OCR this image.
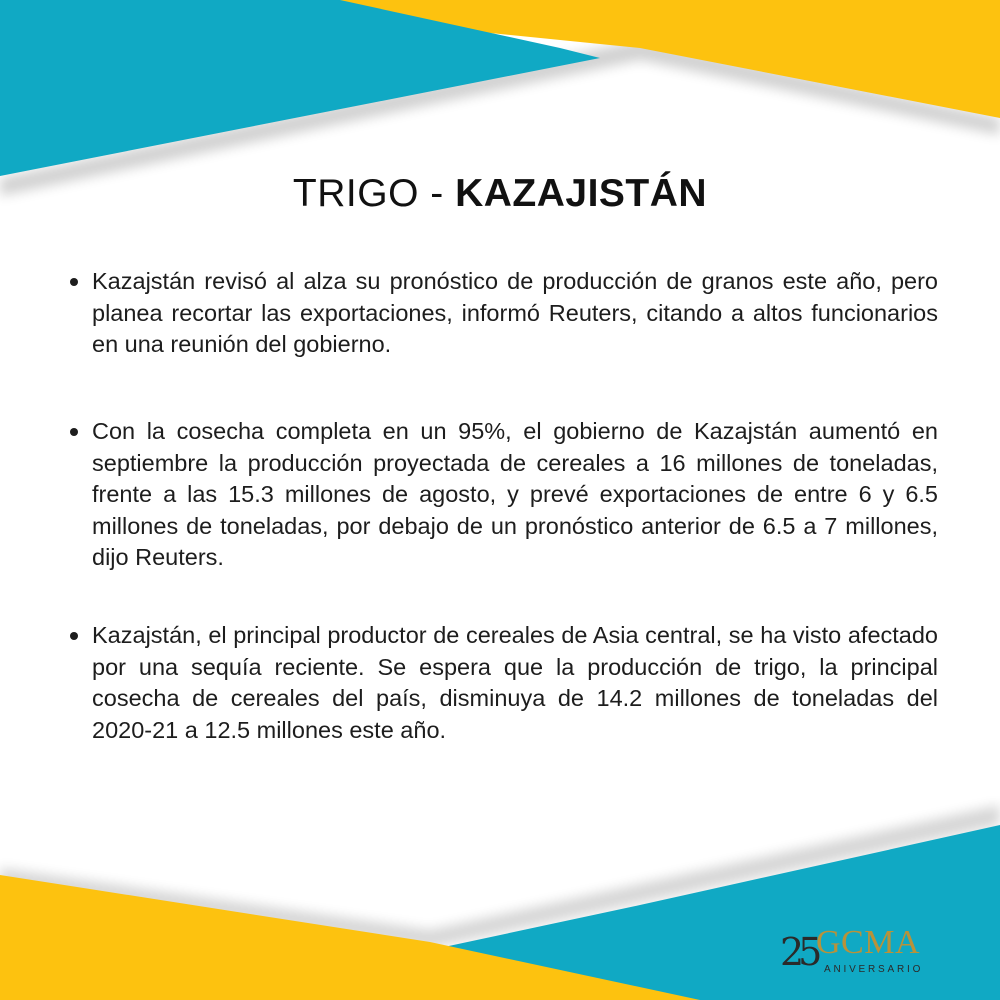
TRIGO - KAZAJISTÁN
Kazajstán revisó al alza su pronóstico de producción de granos este año, pero planea recortar las exportaciones, informó Reuters, citando a altos funcionarios en una reunión del gobierno.
Con la cosecha completa en un 95%, el gobierno de Kazajstán aumentó en septiembre la producción proyectada de cereales a 16 millones de toneladas, frente a las 15.3 millones de agosto, y prevé exportaciones de entre 6 y 6.5 millones de toneladas, por debajo de un pronóstico anterior de 6.5 a 7 millones, dijo Reuters.
Kazajstán, el principal productor de cereales de Asia central, se ha visto afectado por una sequía reciente. Se espera que la producción de trigo, la principal cosecha de cereales del país, disminuya de 14.2 millones de toneladas del 2020-21 a 12.5 millones este año.
25 GCMA
ANIVERSARIO
